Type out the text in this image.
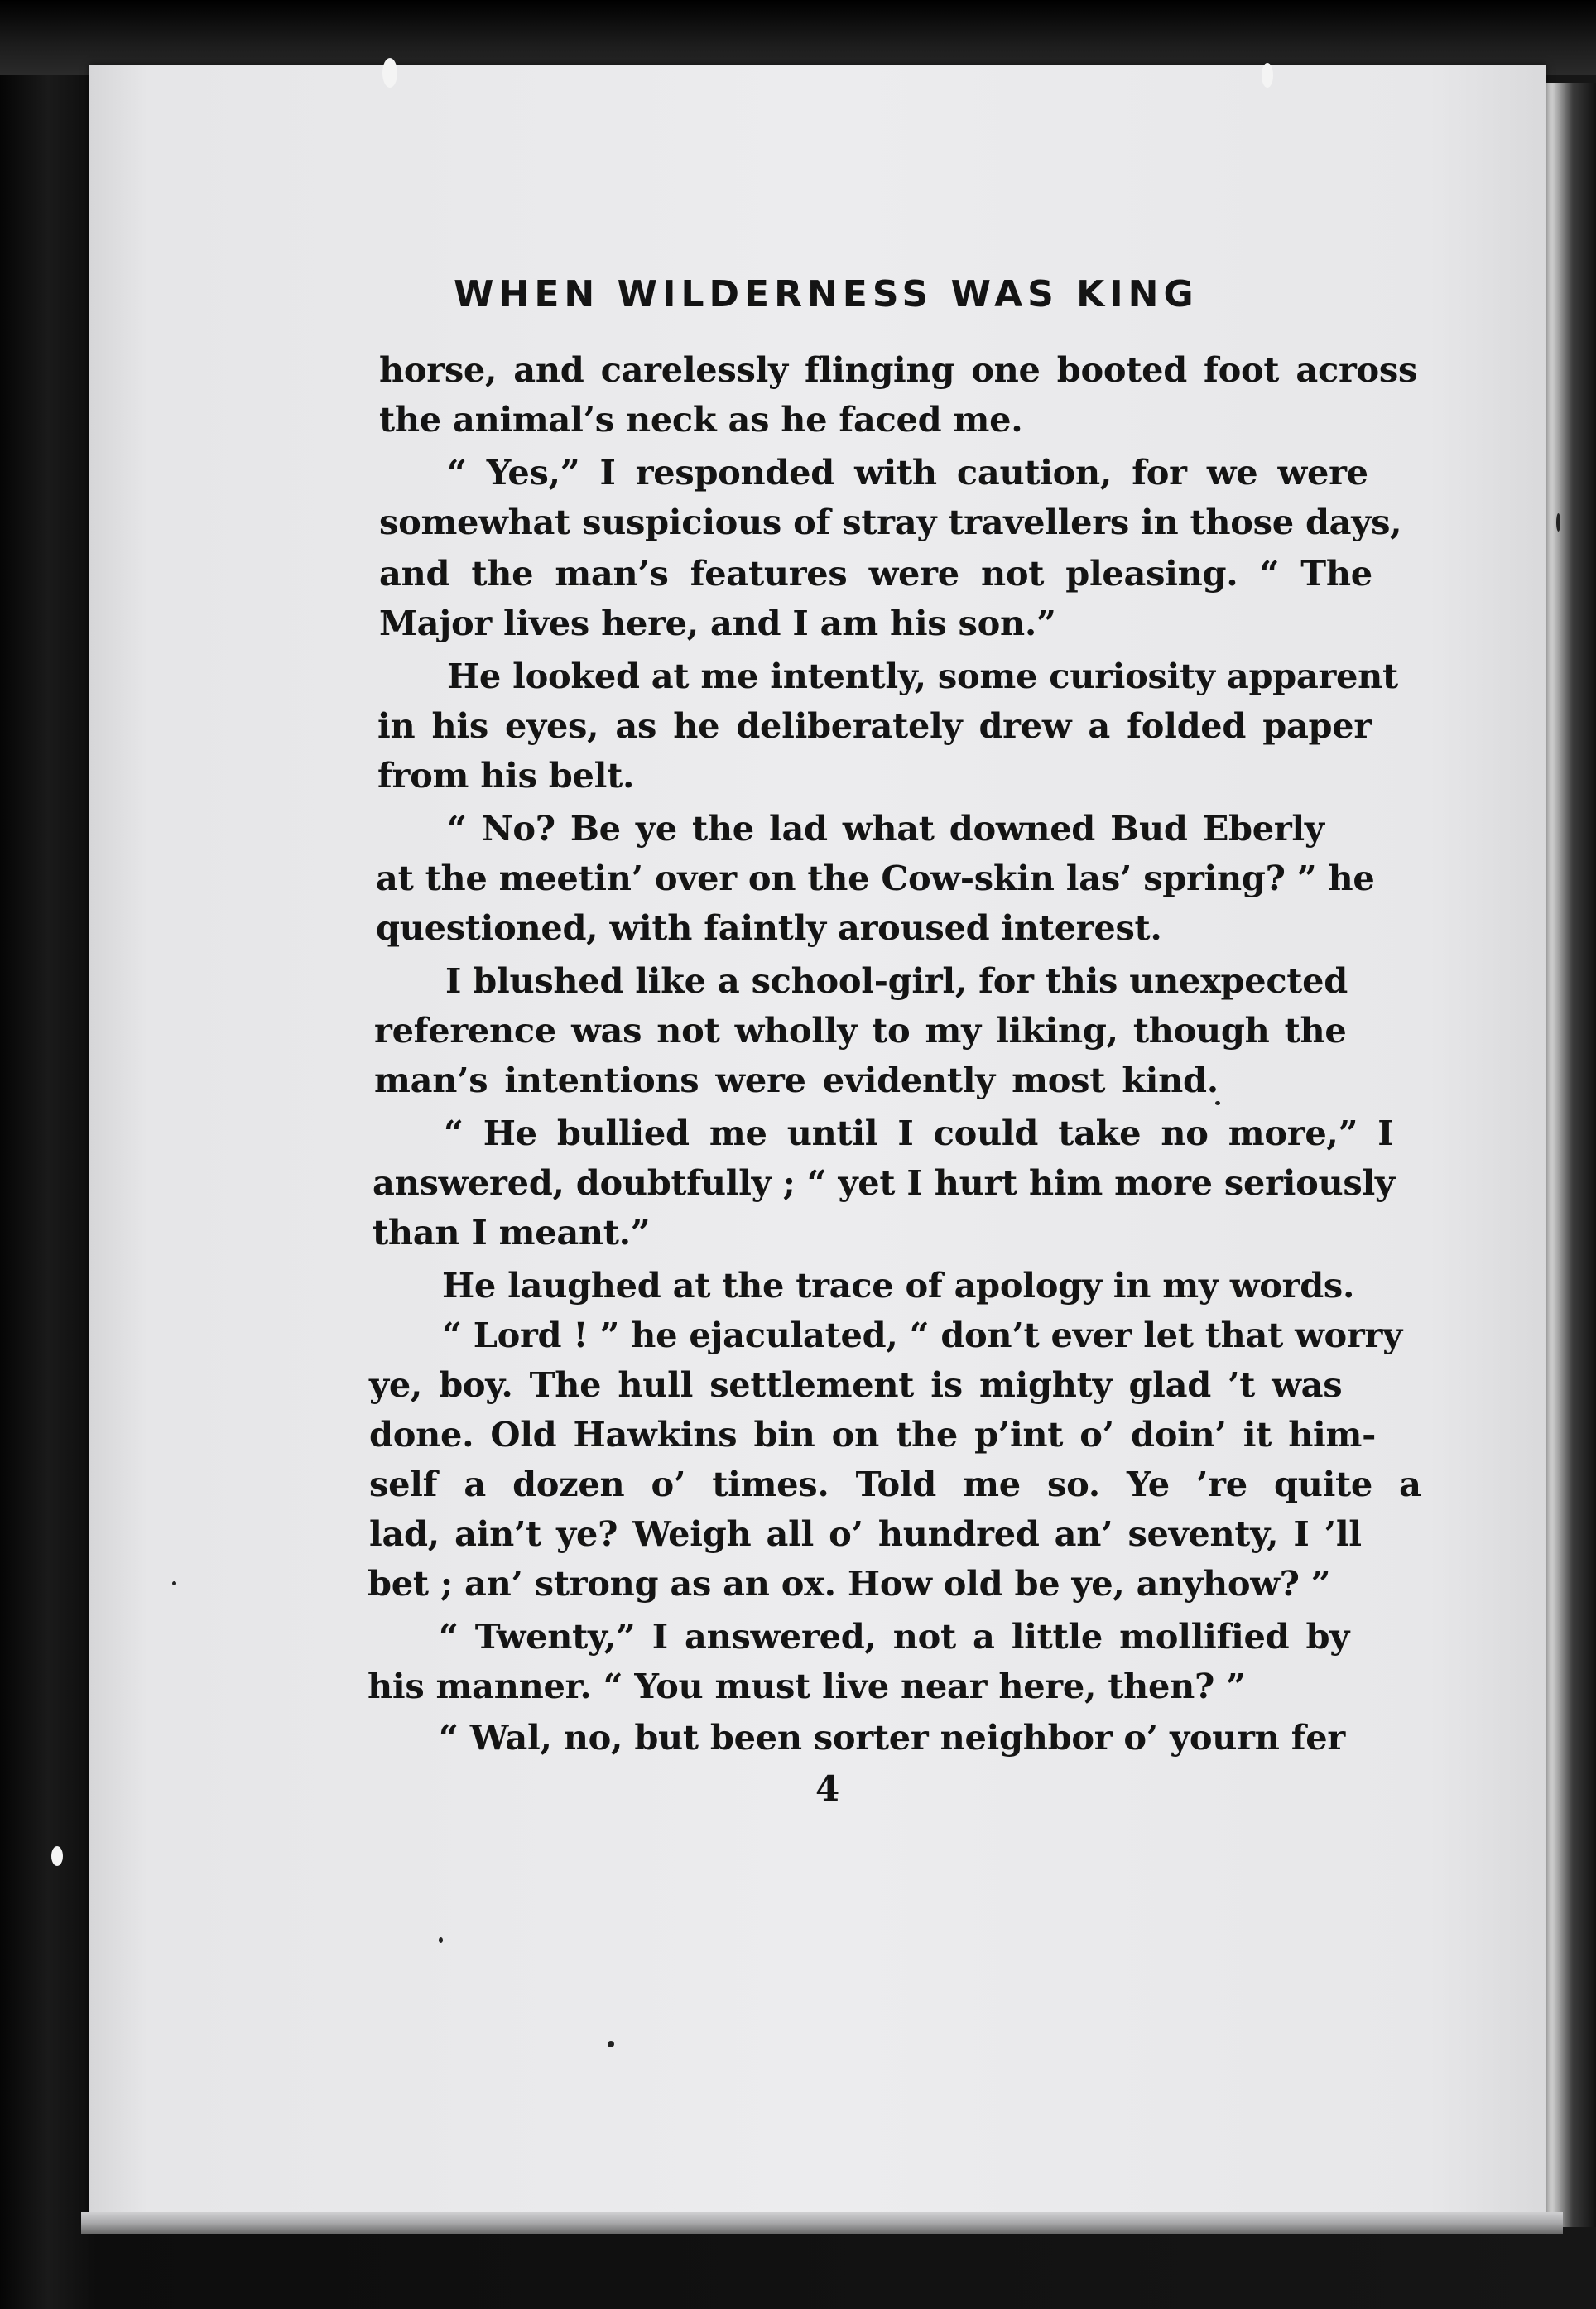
WHEN WILDERNESS WAS KING
horse, and carelessly flinging one booted foot across
the animal’s neck as he faced me.
“ Yes,” I responded with caution, for we were
somewhat suspicious of stray travellers in those days,
and the man’s features were not pleasing. “ The
Major lives here, and I am his son.”
He looked at me intently, some curiosity apparent
in his eyes, as he deliberately drew a folded paper
from his belt.
“ No? Be ye the lad what downed Bud Eberly
at the meetin’ over on the Cow-skin las’ spring? ” he
questioned, with faintly aroused interest.
I blushed like a school-girl, for this unexpected
reference was not wholly to my liking, though the
man’s intentions were evidently most kind.
“ He bullied me until I could take no more,” I
answered, doubtfully ; “ yet I hurt him more seriously
than I meant.”
He laughed at the trace of apology in my words.
“ Lord ! ” he ejaculated, “ don’t ever let that worry
ye, boy. The hull settlement is mighty glad ’t was
done. Old Hawkins bin on the p’int o’ doin’ it him-
self a dozen o’ times. Told me so. Ye ’re quite a
lad, ain’t ye? Weigh all o’ hundred an’ seventy, I ’ll
bet ; an’ strong as an ox. How old be ye, anyhow? ”
“ Twenty,” I answered, not a little mollified by
his manner. “ You must live near here, then? ”
“ Wal, no, but been sorter neighbor o’ yourn fer
4
